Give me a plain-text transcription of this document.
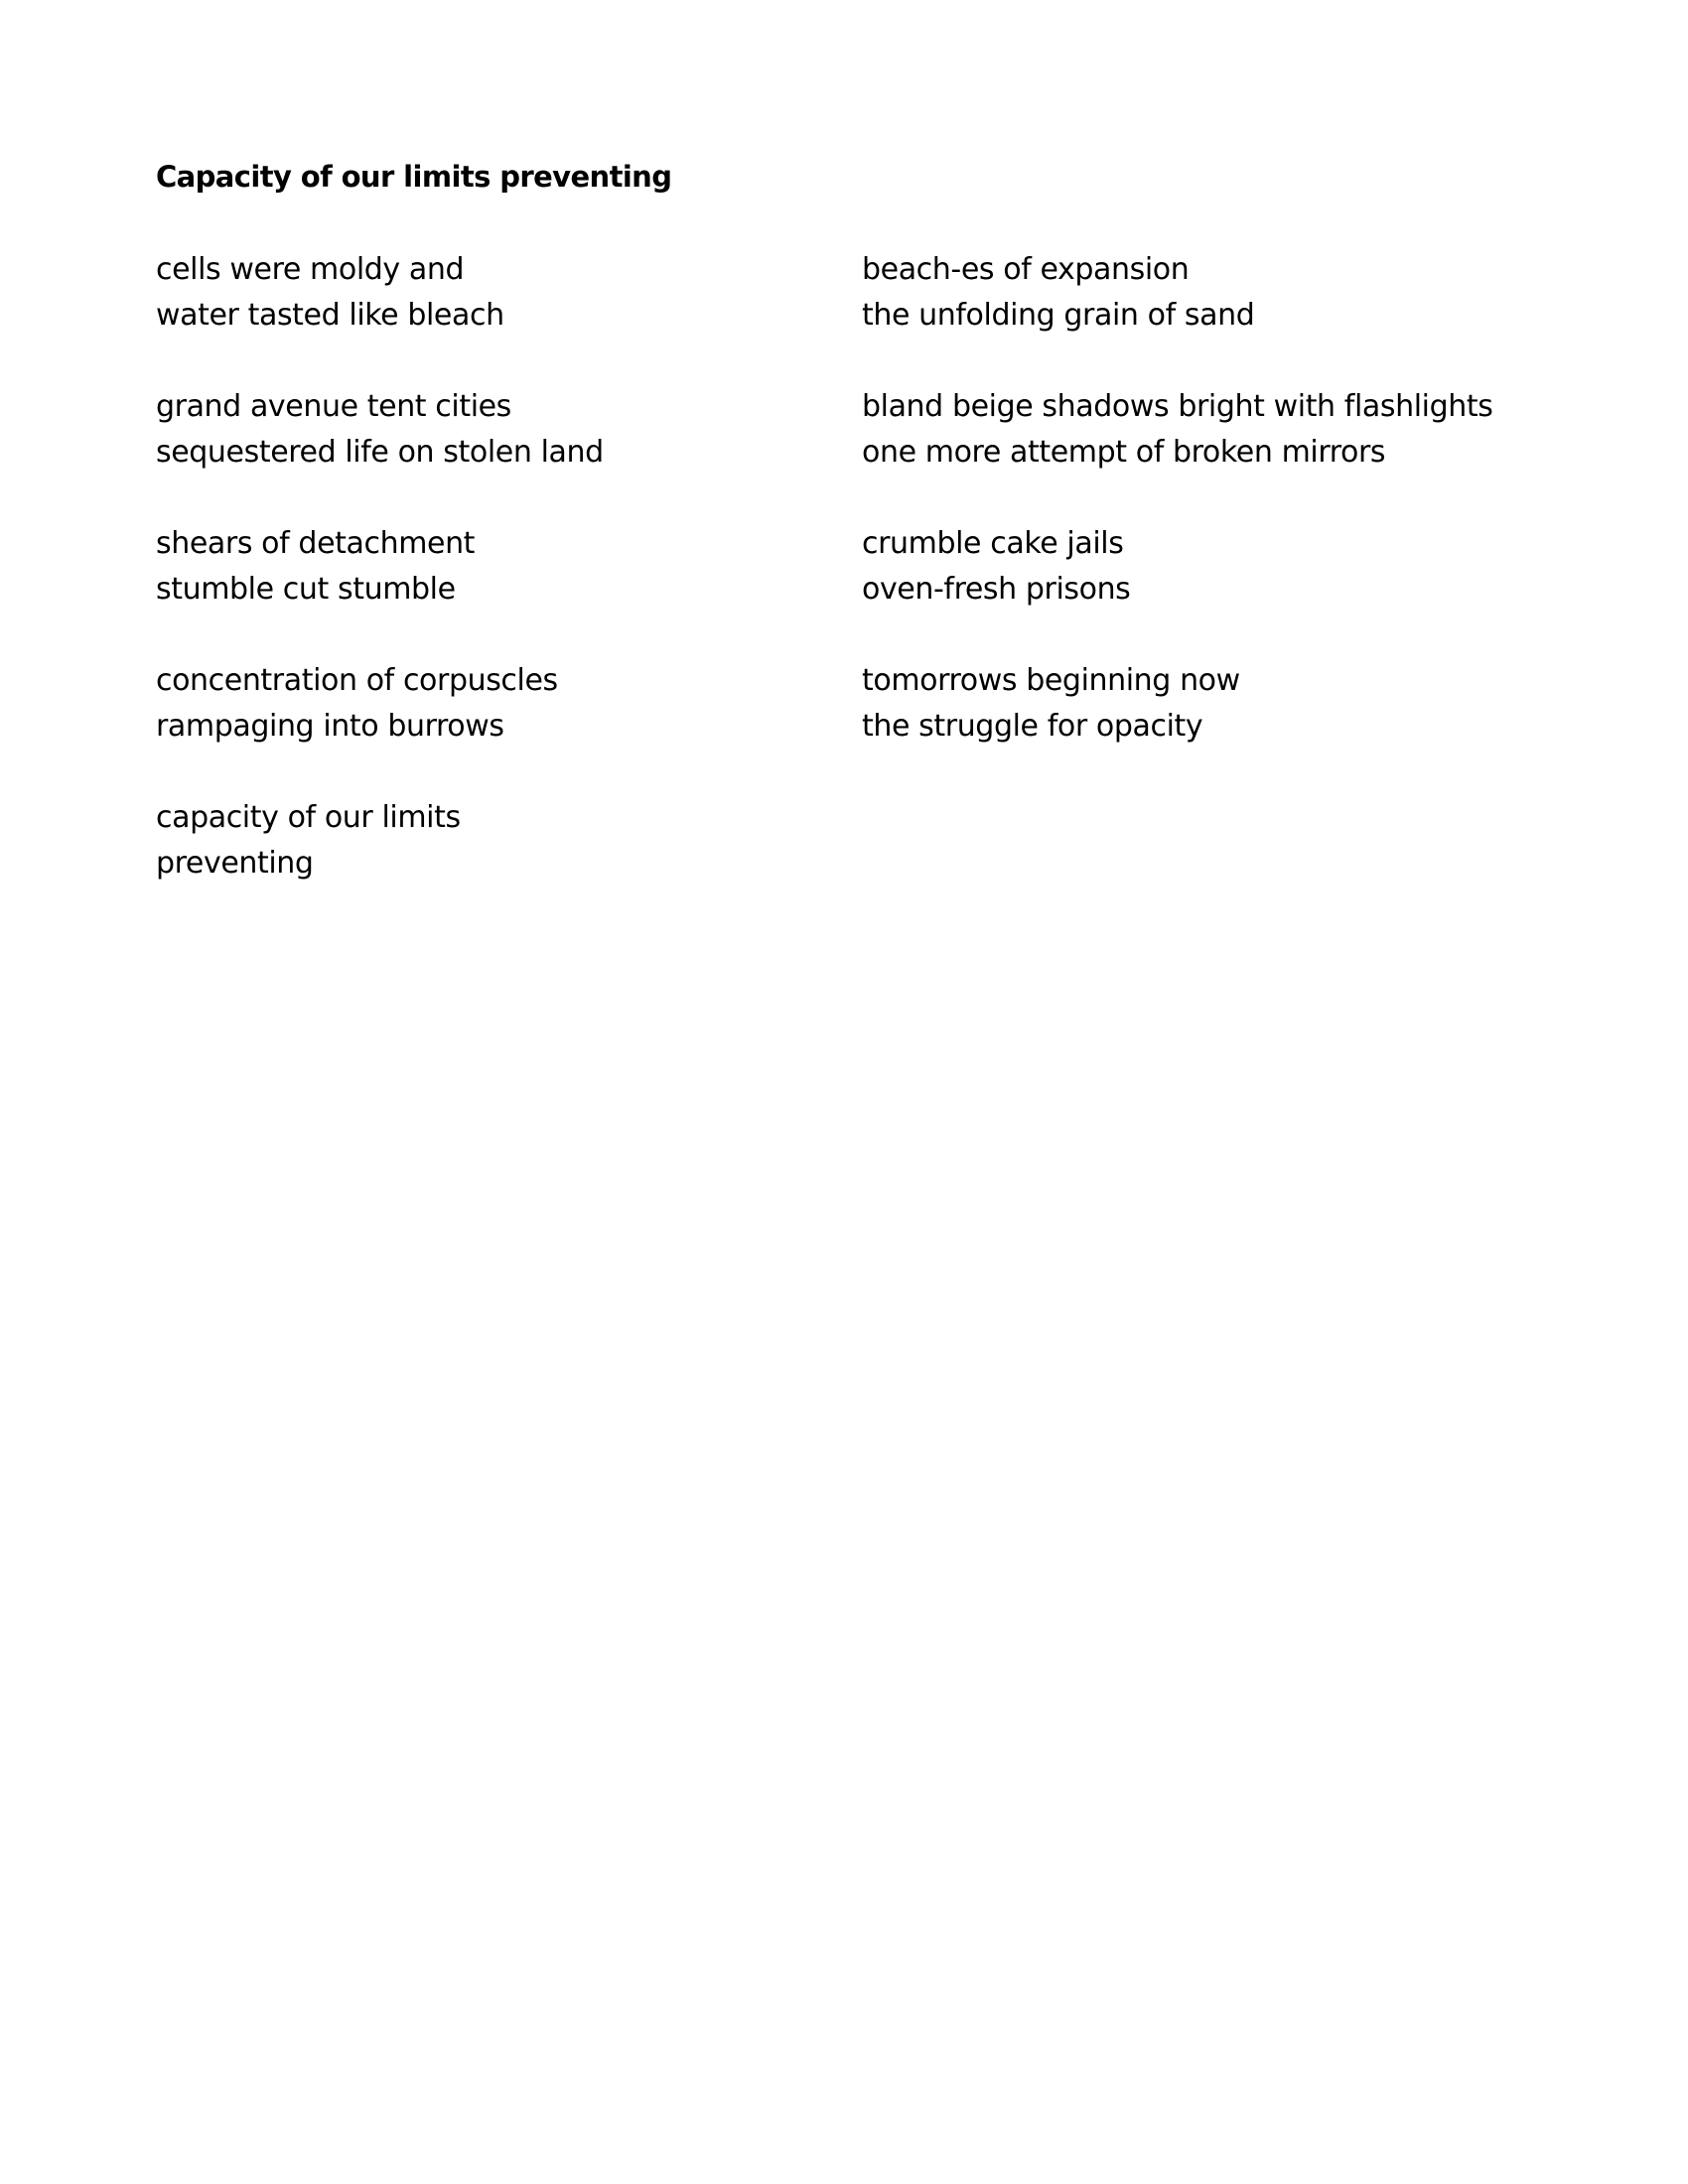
Capacity of our limits preventing
cells were moldy and
water tasted like bleach
grand avenue tent cities
sequestered life on stolen land
shears of detachment
stumble cut stumble
concentration of corpuscles
rampaging into burrows
capacity of our limits
preventing
beach-es of expansion
the unfolding grain of sand
bland beige shadows bright with flashlights
one more attempt of broken mirrors
crumble cake jails
oven-fresh prisons
tomorrows beginning now
the struggle for opacity
